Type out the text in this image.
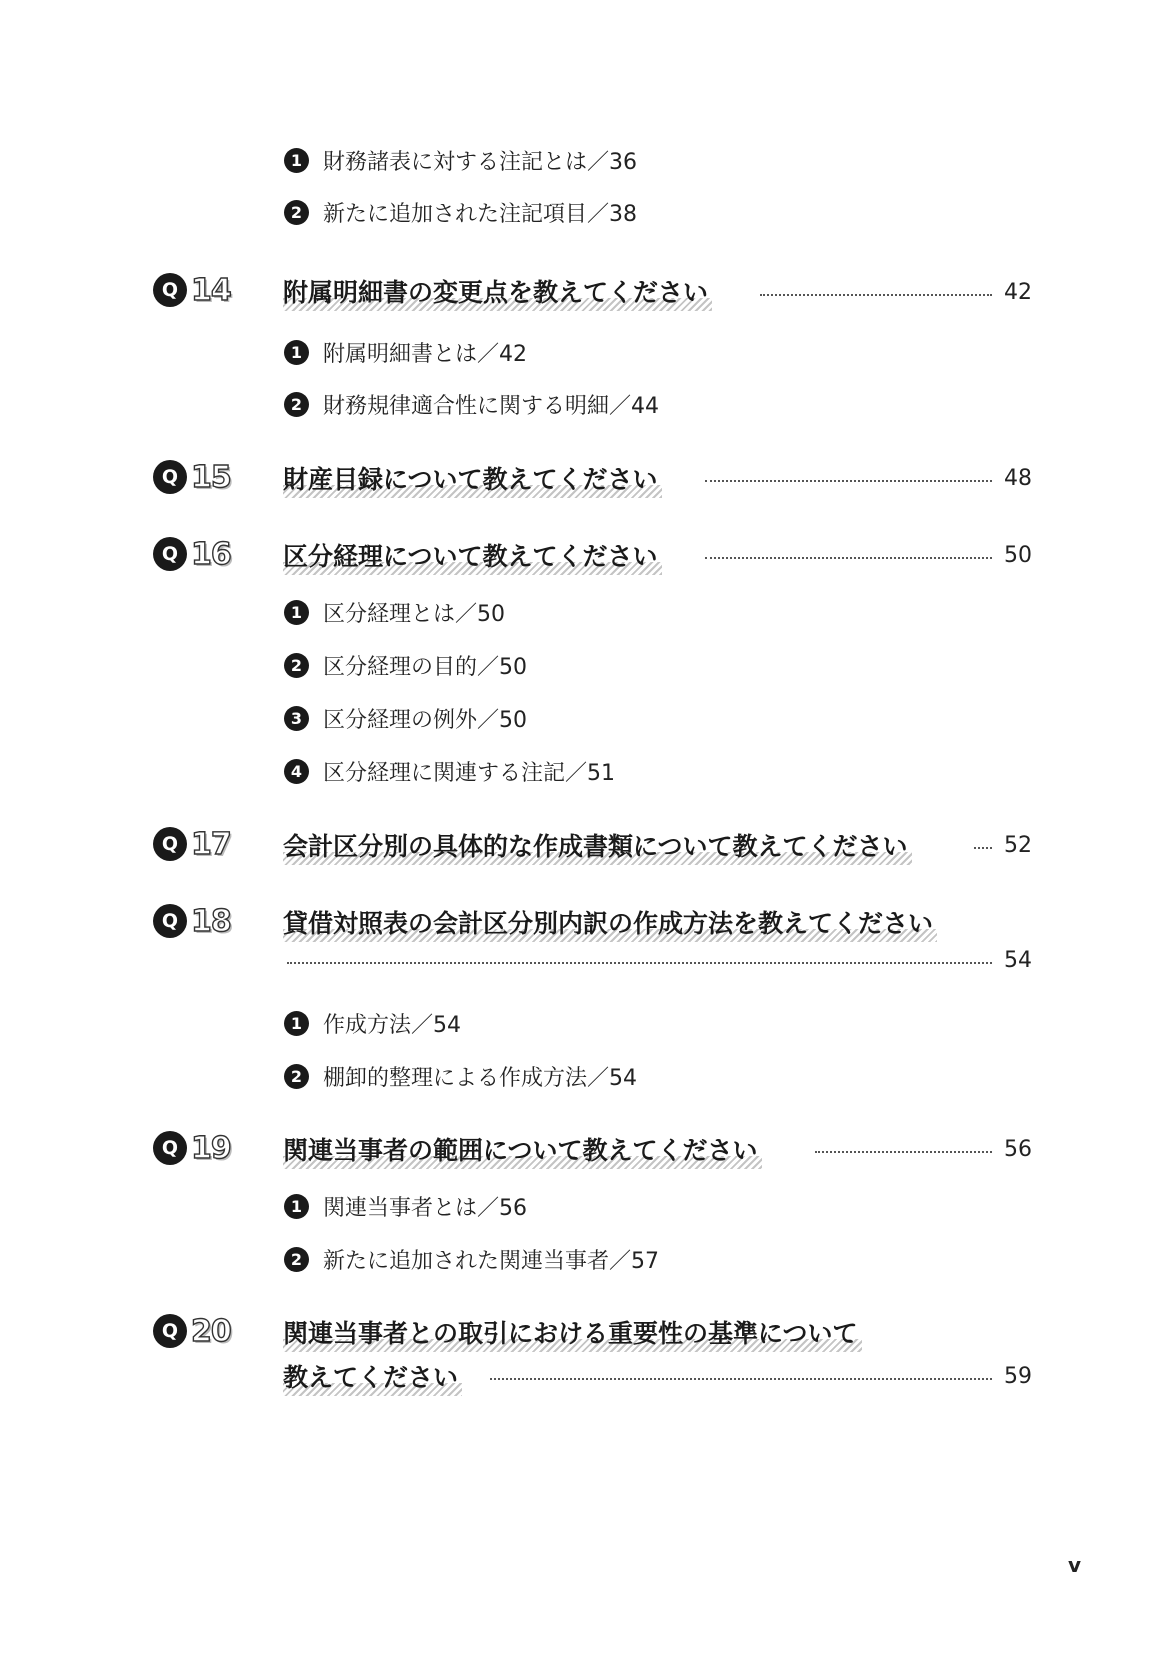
1 財務諸表に対する注記とは／36
2 新たに追加された注記項目／38
Q 14 附属明細書の変更点を教えてください	42
1 附属明細書とは／42
2 財務規律適合性に関する明細／44
Q 15 財産目録について教えてください	48
Q 16 区分経理について教えてください	50
1 区分経理とは／50
2 区分経理の目的／50
3 区分経理の例外／50
4 区分経理に関連する注記／51
Q 17 会計区分別の具体的な作成書類について教えてください	52
Q 18 貸借対照表の会計区分別内訳の作成方法を教えてください
54
1 作成方法／54
2 棚卸的整理による作成方法／54
Q 19 関連当事者の範囲について教えてください	56
1 関連当事者とは／56
2 新たに追加された関連当事者／57
Q 20 関連当事者との取引における重要性の基準について
教えてください	59
v
